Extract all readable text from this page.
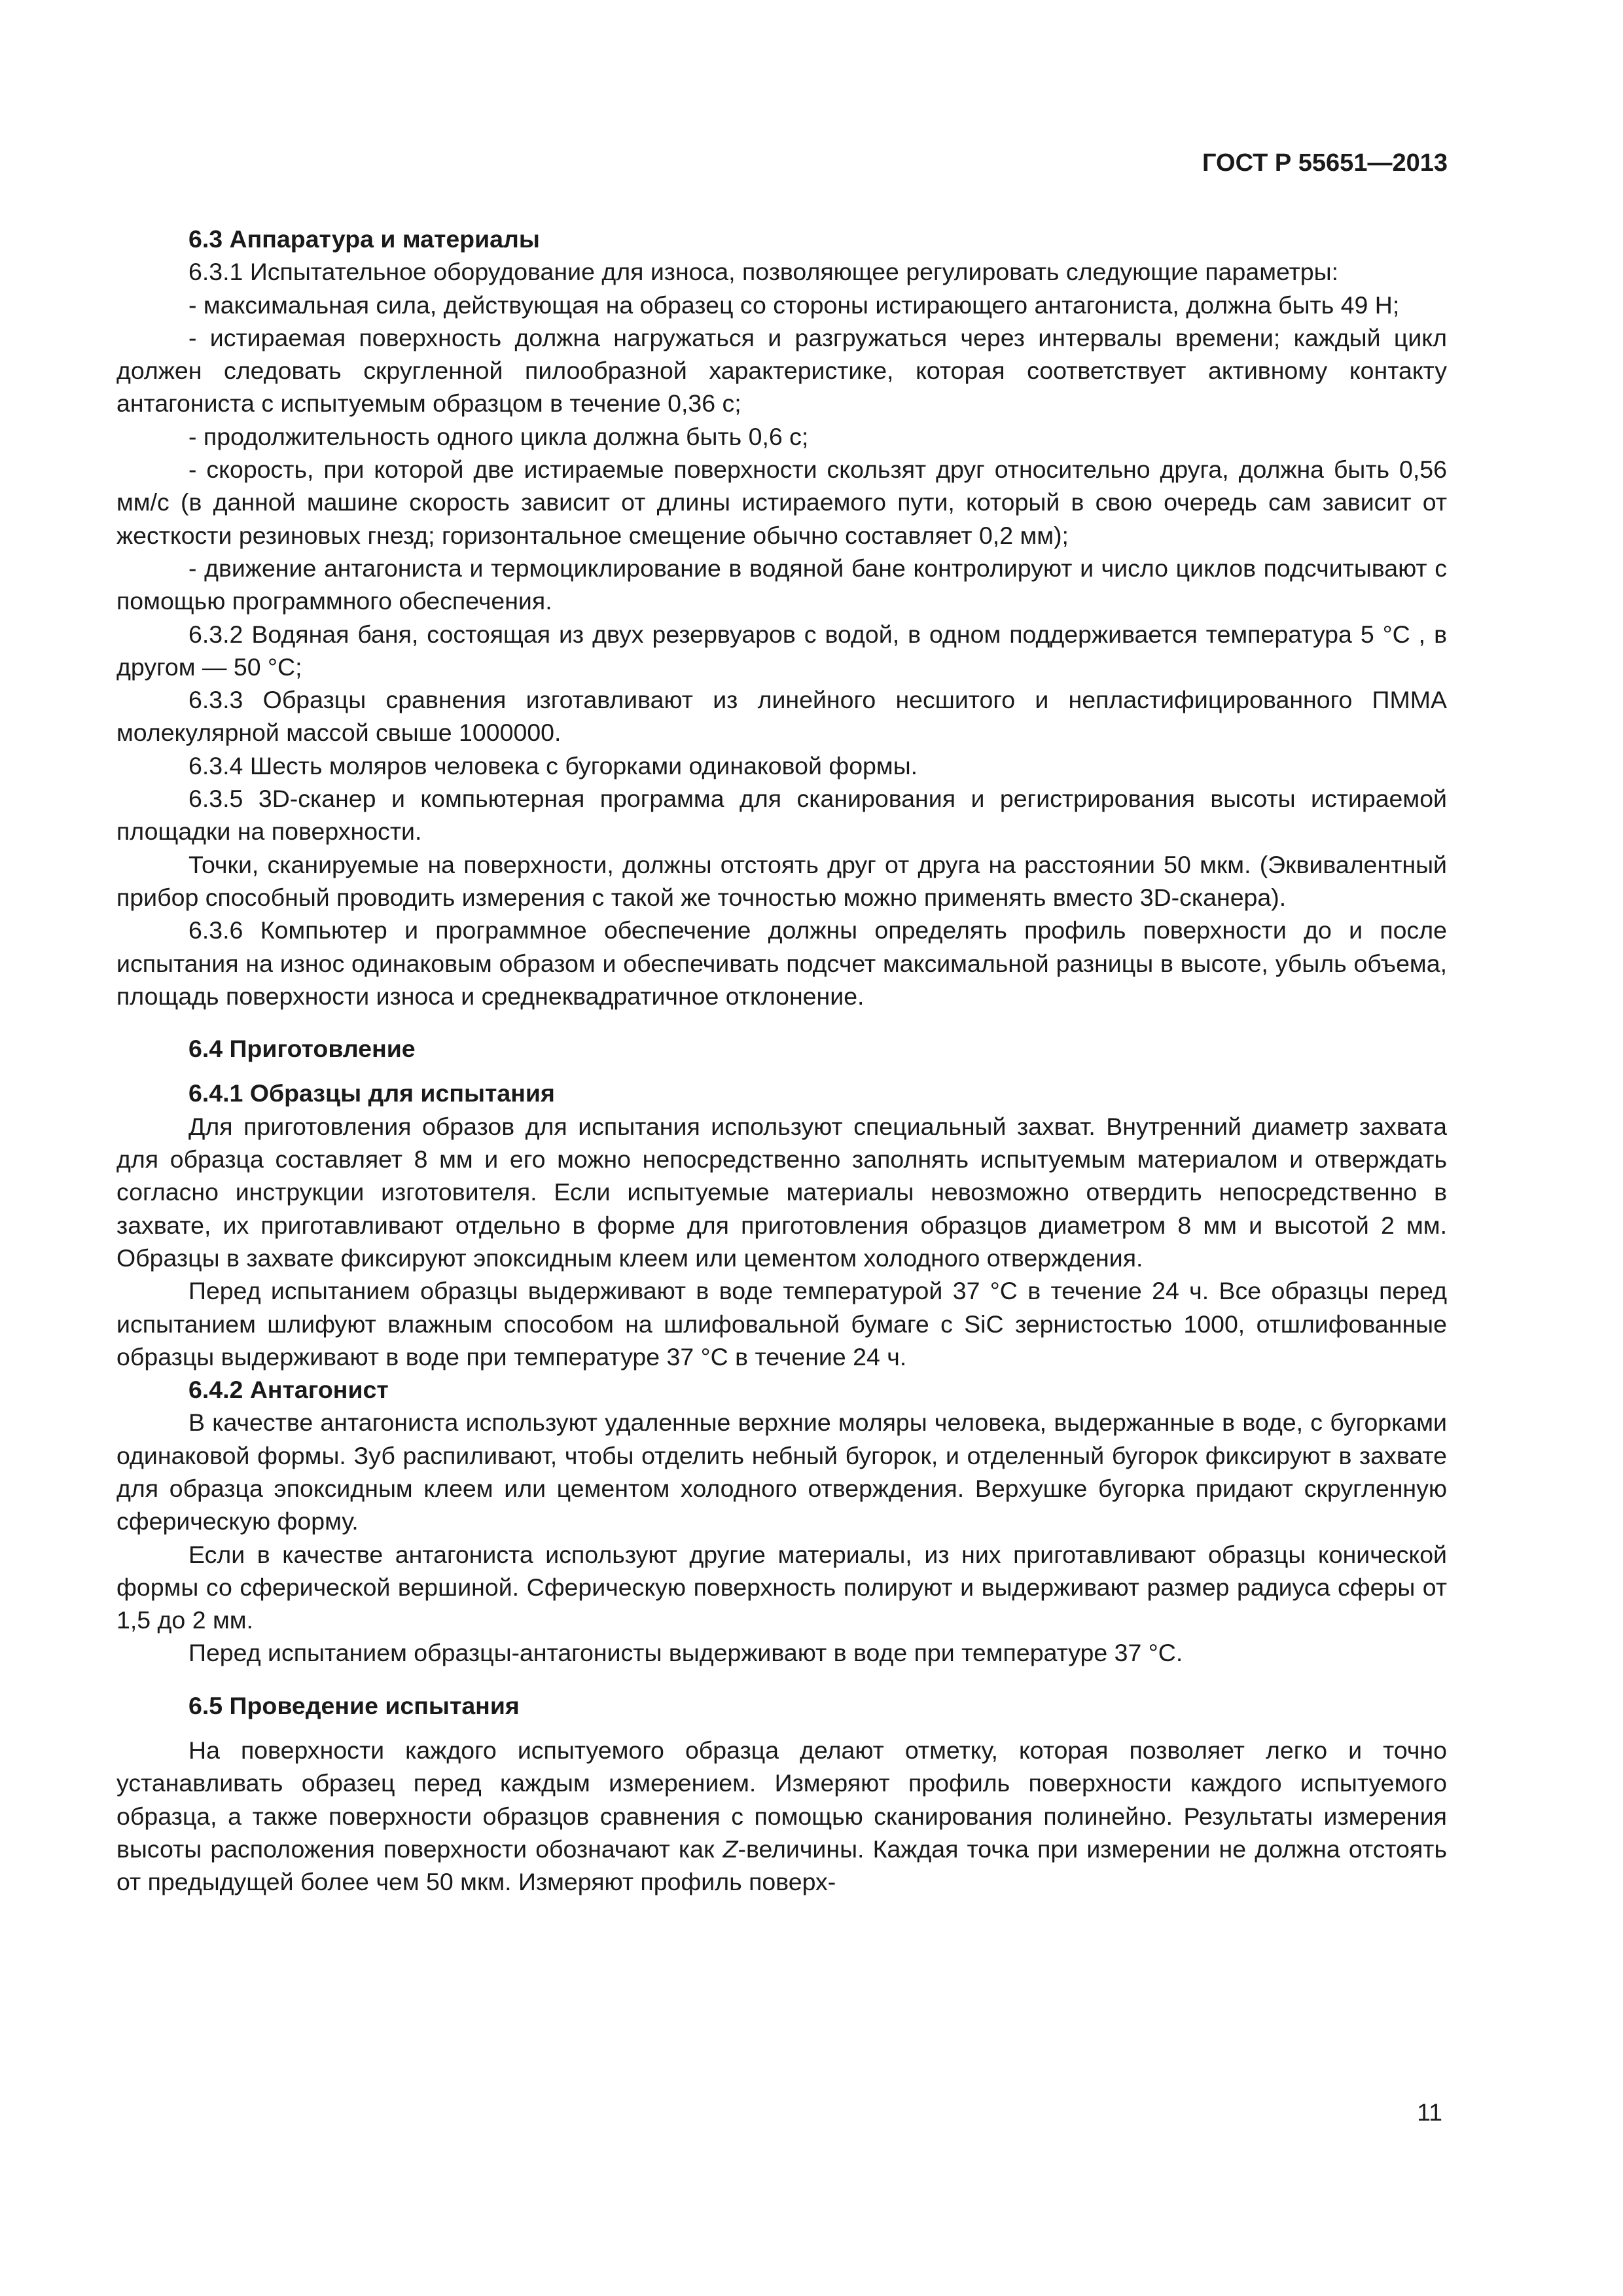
ГОСТ Р 55651—2013
6.3 Аппаратура и материалы

6.3.1 Испытательное оборудование для износа, позволяющее регулировать следующие параметры:

- максимальная сила, действующая на образец со стороны истирающего антагониста, должна быть 49 Н;

- истираемая поверхность должна нагружаться и разгружаться через интервалы времени; каждый цикл должен следовать скругленной пилообразной характеристике, которая соответствует активному контакту антагониста с испытуемым образцом в течение 0,36 с;

- продолжительность одного цикла должна быть 0,6 с;

- скорость, при которой две истираемые поверхности скользят друг относительно друга, должна быть 0,56 мм/с (в данной машине скорость зависит от длины истираемого пути, который в свою очередь сам зависит от жесткости резиновых гнезд; горизонтальное смещение обычно составляет 0,2 мм);

- движение антагониста и термоциклирование в водяной бане контролируют и число циклов подсчитывают с помощью программного обеспечения.

6.3.2 Водяная баня, состоящая из двух резервуаров с водой, в одном поддерживается температура 5 °С , в другом — 50 °С;

6.3.3 Образцы сравнения изготавливают из линейного несшитого и непластифицированного ПММА молекулярной массой свыше 1000000.

6.3.4 Шесть моляров человека с бугорками одинаковой формы.

6.3.5 3D-сканер и компьютерная программа для сканирования и регистрирования высоты истираемой площадки на поверхности.

Точки, сканируемые на поверхности, должны отстоять друг от друга на расстоянии 50 мкм. (Эквивалентный прибор способный проводить измерения с такой же точностью можно применять вместо 3D-сканера).

6.3.6 Компьютер и программное обеспечение должны определять профиль поверхности до и после испытания на износ одинаковым образом и обеспечивать подсчет максимальной разницы в высоте, убыль объема, площадь поверхности износа и среднеквадратичное отклонение.

6.4 Приготовление
6.4.1 Образцы для испытания

Для приготовления образов для испытания используют специальный захват. Внутренний диаметр захвата для образца составляет 8 мм и его можно непосредственно заполнять испытуемым материалом и отверждать согласно инструкции изготовителя. Если испытуемые материалы невозможно отвердить непосредственно в захвате, их приготавливают отдельно в форме для приготовления образцов диаметром 8 мм и высотой 2 мм. Образцы в захвате фиксируют эпоксидным клеем или цементом холодного отверждения.

Перед испытанием образцы выдерживают в воде температурой 37 °С в течение 24 ч. Все образцы перед испытанием шлифуют влажным способом на шлифовальной бумаге с SiC зернистостью 1000, отшлифованные образцы выдерживают в воде при температуре 37 °С в течение 24 ч.

6.4.2 Антагонист

В качестве антагониста используют удаленные верхние моляры человека, выдержанные в воде, с бугорками одинаковой формы. Зуб распиливают, чтобы отделить небный бугорок, и отделенный бугорок фиксируют в захвате для образца эпоксидным клеем или цементом холодного отверждения. Верхушке бугорка придают скругленную сферическую форму.

Если в качестве антагониста используют другие материалы, из них приготавливают образцы конической формы со сферической вершиной. Сферическую поверхность полируют и выдерживают размер радиуса сферы от 1,5 до 2 мм.

Перед испытанием образцы-антагонисты выдерживают в воде при температуре 37 °С.

6.5 Проведение испытания

На поверхности каждого испытуемого образца делают отметку, которая позволяет легко и точно устанавливать образец перед каждым измерением. Измеряют профиль поверхности каждого испытуемого образца, а также поверхности образцов сравнения с помощью сканирования полинейно. Результаты измерения высоты расположения поверхности обозначают как Z-величины. Каждая точка при измерении не должна отстоять от предыдущей более чем 50 мкм. Измеряют профиль поверх-

11
